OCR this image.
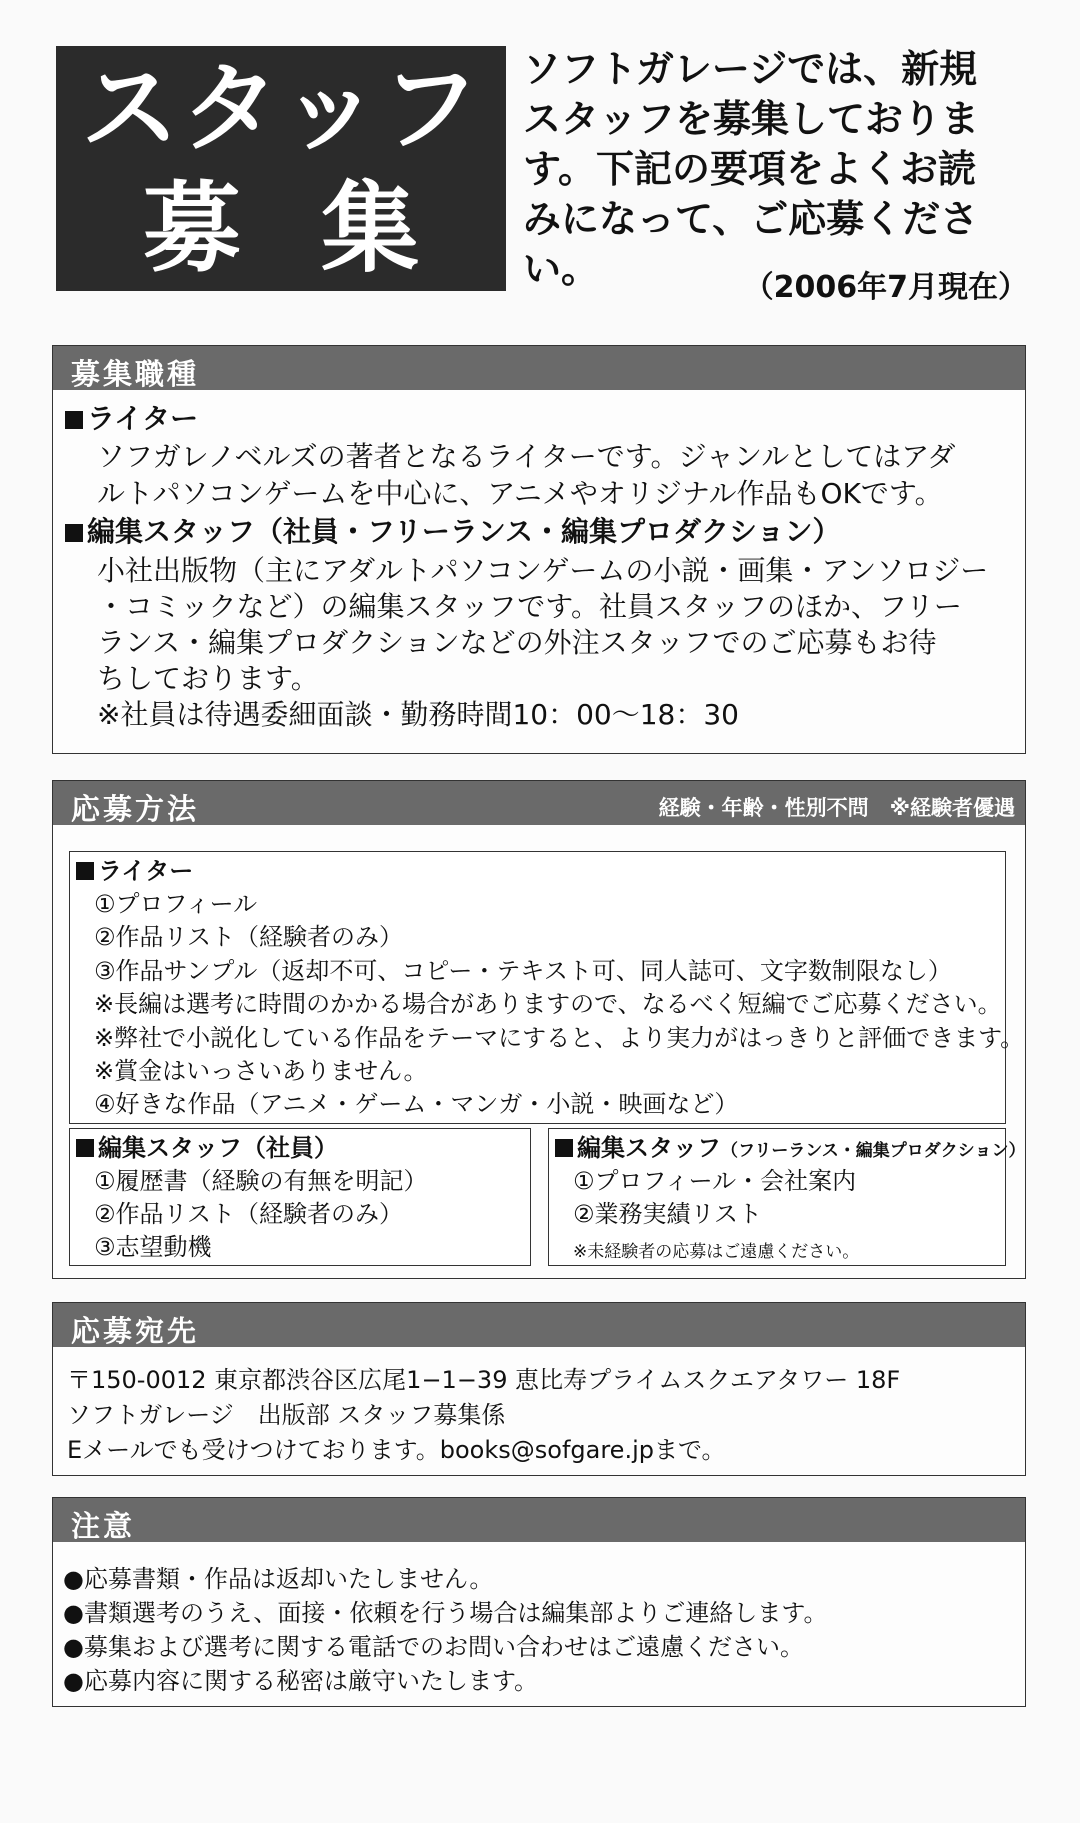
スタッフ
募集
ソフトガレージでは、新規
スタッフを募集しておりま
す。下記の要項をよくお読
みになって、ご応募ください。	（2006年7月現在）
募集職種
ライター
ソフガレノベルズの著者となるライターです。ジャンルとしてはアダ
ルトパソコンゲームを中心に、アニメやオリジナル作品もOKです。
編集スタッフ（社員・フリーランス・編集プロダクション）
小社出版物（主にアダルトパソコンゲームの小説・画集・アンソロジー
・コミックなど）の編集スタッフです。社員スタッフのほか、フリー
ランス・編集プロダクションなどの外注スタッフでのご応募もお待
ちしております。
※社員は待遇委細面談・勤務時間10：00〜18：30
応募方法	経験・年齢・性別不問　※経験者優遇
ライター
①プロフィール
②作品リスト（経験者のみ）
③作品サンプル（返却不可、コピー・テキスト可、同人誌可、文字数制限なし）
※長編は選考に時間のかかる場合がありますので、なるべく短編でご応募ください。
※弊社で小説化している作品をテーマにすると、より実力がはっきりと評価できます。
※賞金はいっさいありません。
④好きな作品（アニメ・ゲーム・マンガ・小説・映画など）
編集スタッフ（社員）
①履歴書（経験の有無を明記）
②作品リスト（経験者のみ）
③志望動機
編集スタッフ（フリーランス・編集プロダクション）
①プロフィール・会社案内
②業務実績リスト
※未経験者の応募はご遠慮ください。
応募宛先
〒150-0012 東京都渋谷区広尾1−1−39 恵比寿プライムスクエアタワー 18F
ソフトガレージ　出版部 スタッフ募集係
Eメールでも受けつけております。books@sofgare.jpまで。
注意
●応募書類・作品は返却いたしません。
●書類選考のうえ、面接・依頼を行う場合は編集部よりご連絡します。
●募集および選考に関する電話でのお問い合わせはご遠慮ください。
●応募内容に関する秘密は厳守いたします。
